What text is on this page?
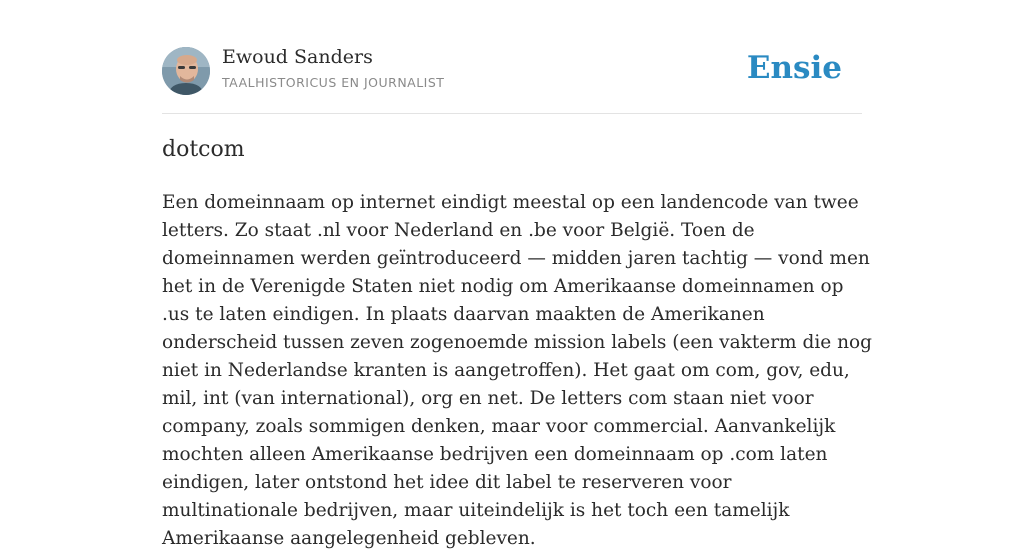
Ewoud Sanders
TAALHISTORICUS EN JOURNALIST	Ensie
dotcom

Een domeinnaam op internet eindigt meestal op een landencode van twee letters. Zo staat .nl voor Nederland en .be voor België. Toen de domeinnamen werden geïntroduceerd — midden jaren tachtig — vond men het in de Verenigde Staten niet nodig om Amerikaanse domeinnamen op .us te laten eindigen. In plaats daarvan maakten de Amerikanen onderscheid tussen zeven zogenoemde mission labels (een vakterm die nog niet in Nederlandse kranten is aangetroffen). Het gaat om com, gov, edu, mil, int (van international), org en net. De letters com staan niet voor company, zoals sommigen denken, maar voor commercial. Aanvankelijk mochten alleen Amerikaanse bedrijven een domeinnaam op .com laten eindigen, later ontstond het idee dit label te reserveren voor multinationale bedrijven, maar uiteindelijk is het toch een tamelijk Amerikaanse aangelegenheid gebleven.
